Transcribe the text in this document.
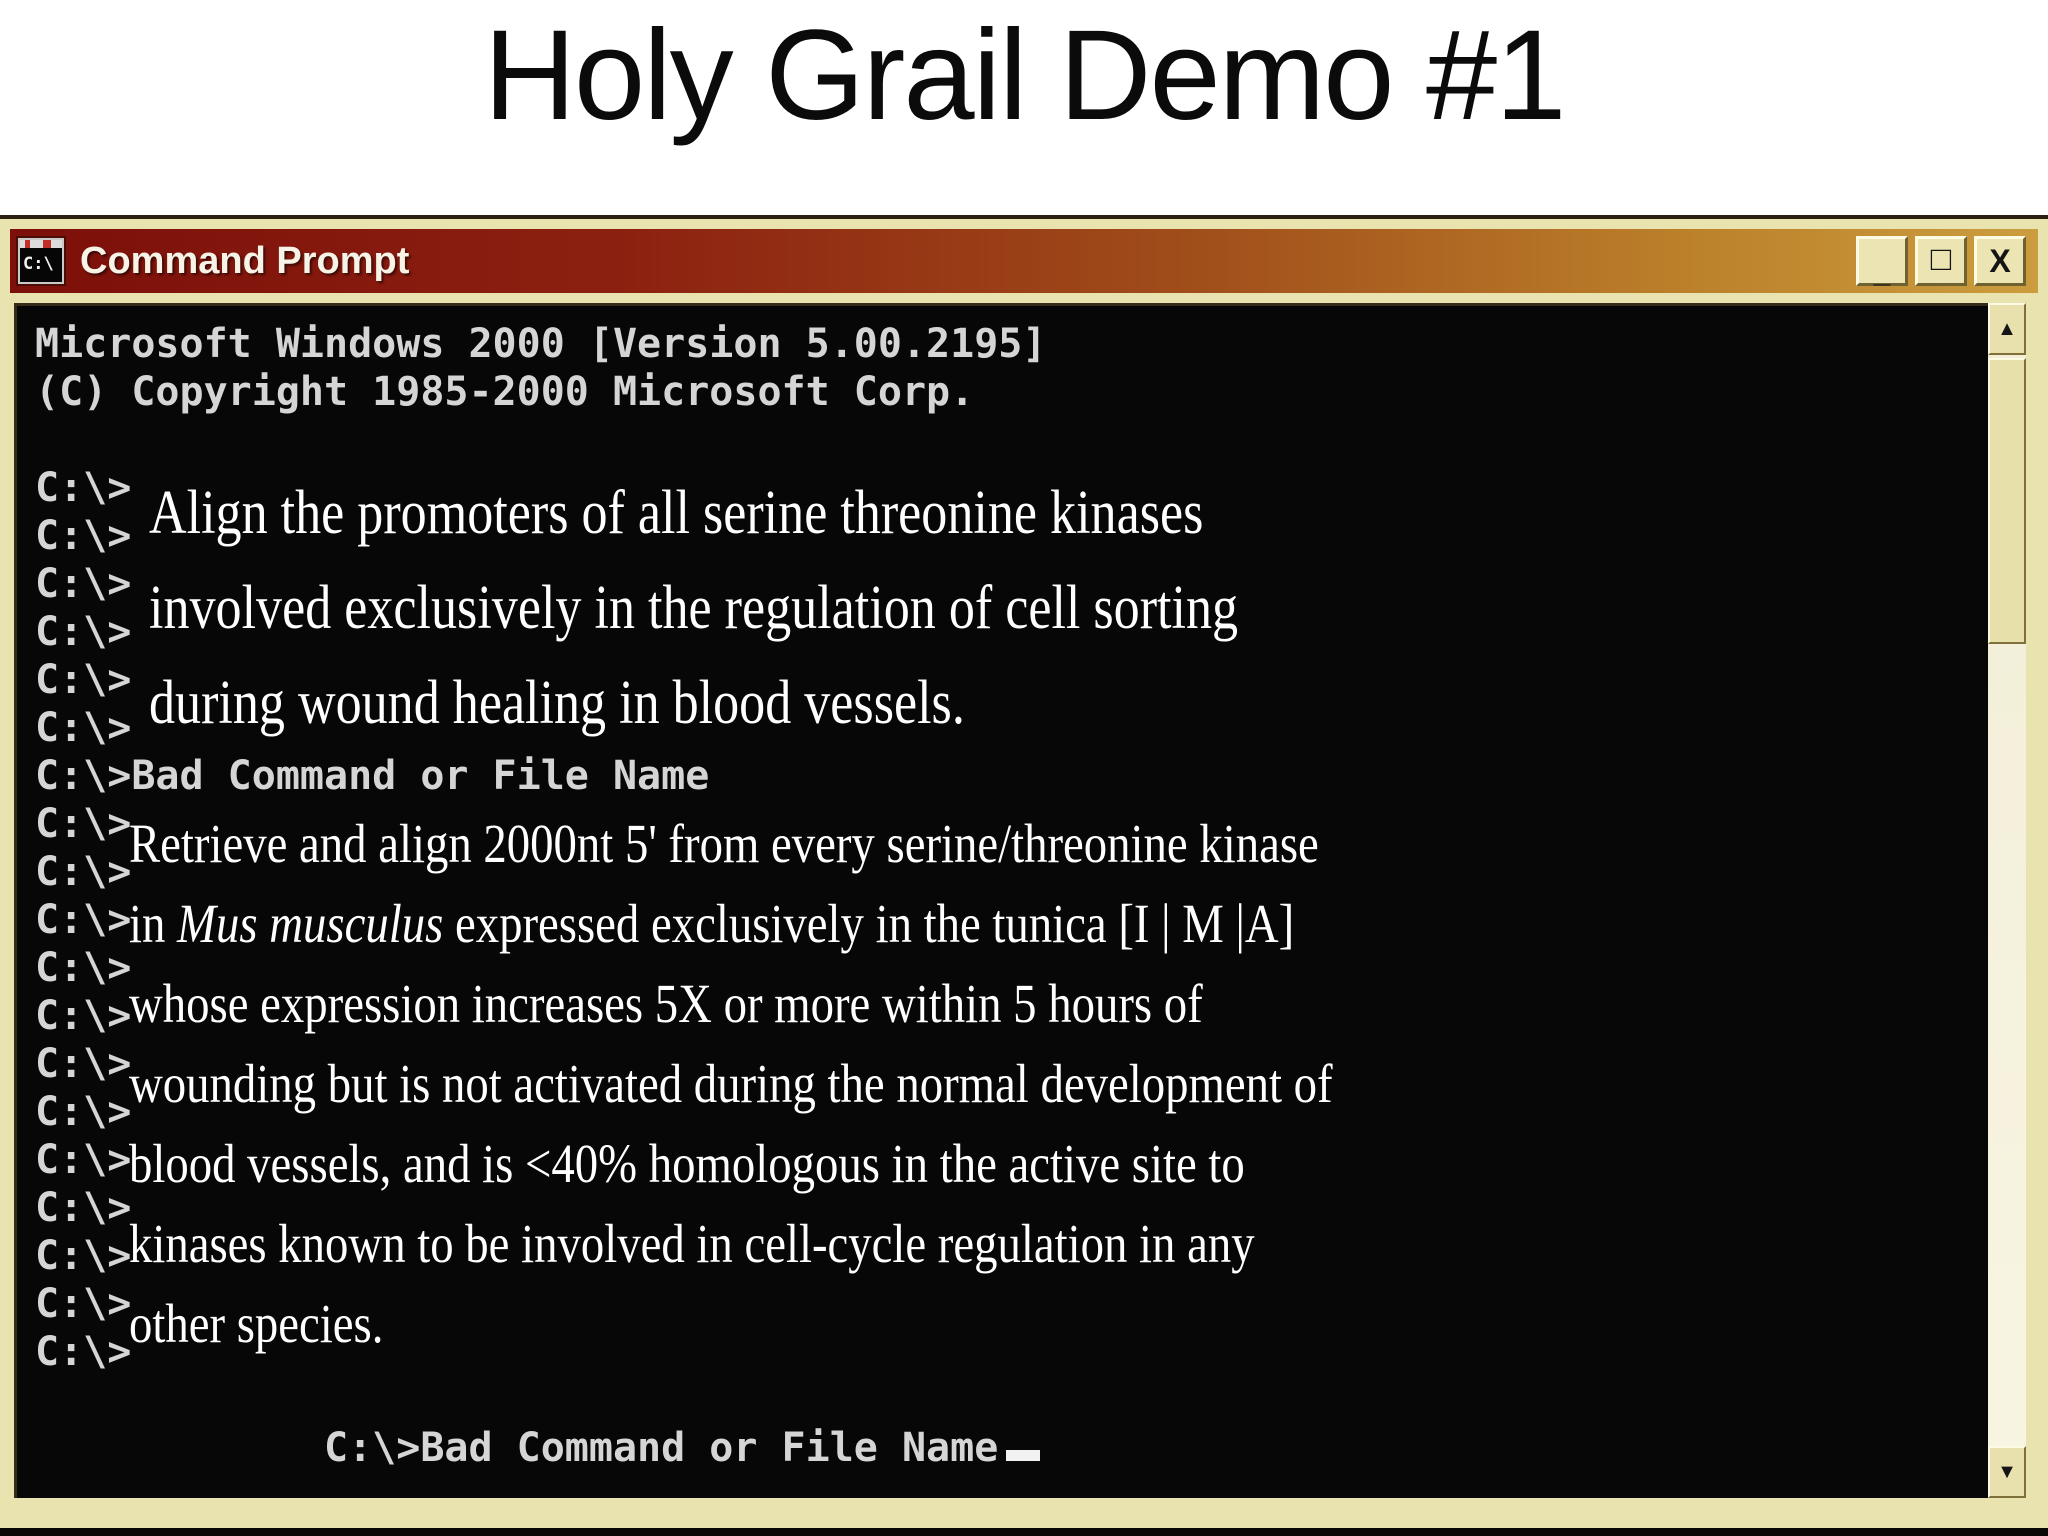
Holy Grail Demo #1
C:\ Command Prompt	_ □ X
Microsoft Windows 2000 [Version 5.00.2195]
(C) Copyright 1985-2000 Microsoft Corp.
C:\>
C:\>
C:\>
C:\>
C:\>
C:\>
C:\>Bad Command or File Name
C:\>
C:\>
C:\>
C:\>
C:\>
C:\>
C:\>
C:\>
C:\>
C:\>
C:\>
C:\>

C:\>Bad Command or File Name

Align the promoters of all serine threonine kinases
involved exclusively in the regulation of cell sorting
during wound healing in blood vessels.
Retrieve and align 2000nt 5' from every serine/threonine kinase
in Mus musculus expressed exclusively in the tunica [I | M |A]
whose expression increases 5X or more within 5 hours of
wounding but is not activated during the normal development of
blood vessels, and is <40% homologous in the active site to
kinases known to be involved in cell-cycle regulation in any
other species.
▲
▼
